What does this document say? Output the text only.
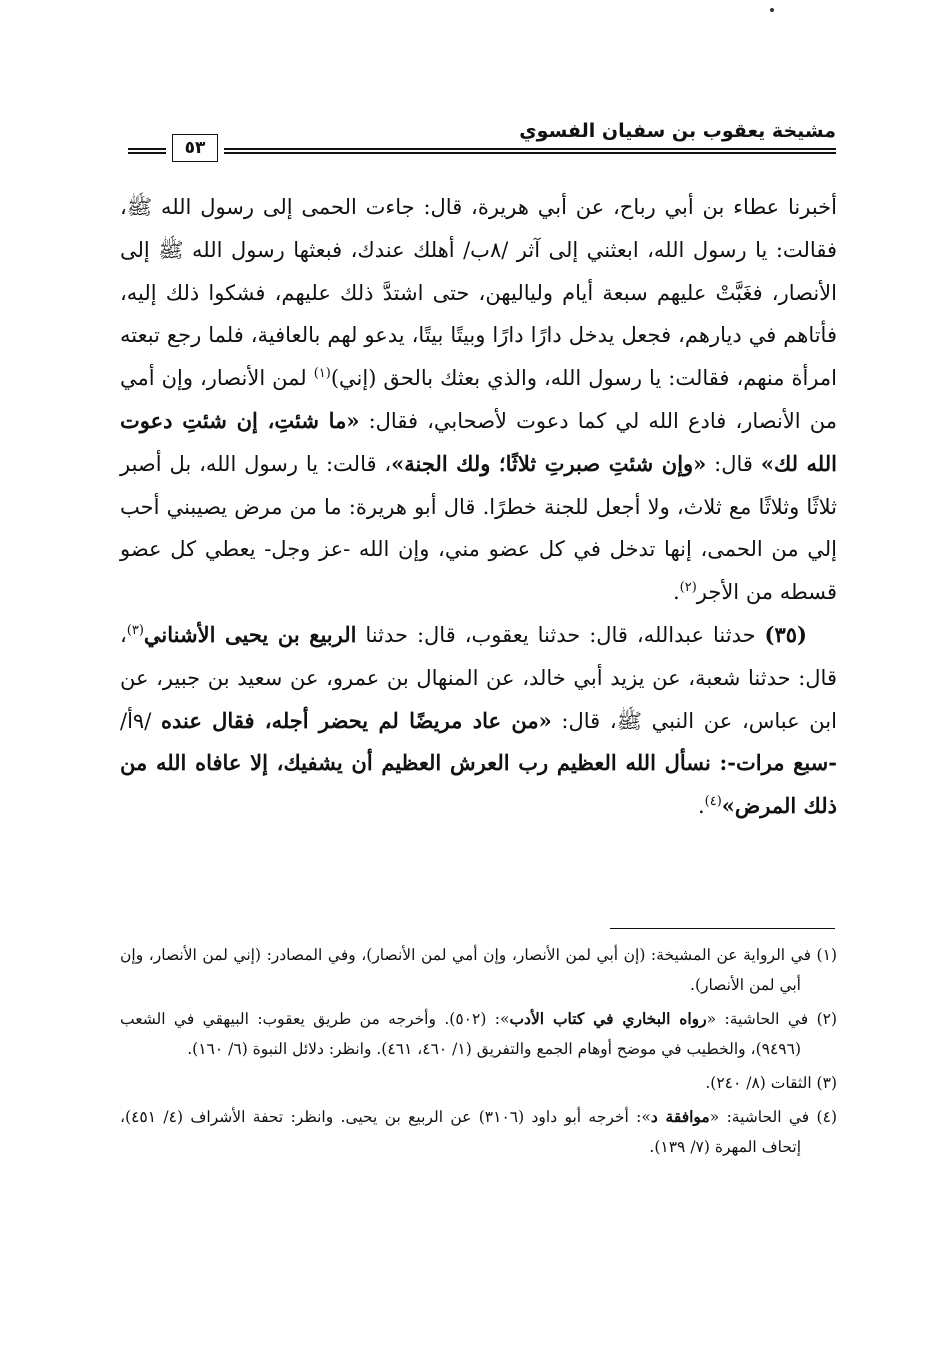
مشيخة يعقوب بن سفيان الفسوي
٥٣

أخبرنا عطاء بن أبي رباح، عن أبي هريرة، قال: جاءت الحمى إلى رسول الله ﷺ، فقالت: يا رسول الله، ابعثني إلى آثر /٨ب/ أهلك عندك، فبعثها رسول الله ﷺ إلى الأنصار، فغَبَّتْ عليهم سبعة أيام ولياليهن، حتى اشتدَّ ذلك عليهم، فشكوا ذلك إليه، فأتاهم في ديارهم، فجعل يدخل دارًا دارًا وبيتًا بيتًا، يدعو لهم بالعافية، فلما رجع تبعته امرأة منهم، فقالت: يا رسول الله، والذي بعثك بالحق (إني)$^{(١)}$ لمن الأنصار، وإن أمي من الأنصار، فادع الله لي كما دعوت لأصحابي، فقال: «ما شئتِ، إن شئتِ دعوت الله لك» قال: «وإن شئتِ صبرتِ ثلاثًا؛ ولك الجنة»، قالت: يا رسول الله، بل أصبر ثلاثًا وثلاثًا مع ثلاث، ولا أجعل للجنة خطرًا. قال أبو هريرة: ما من مرض يصيبني أحب إلي من الحمى، إنها تدخل في كل عضو مني، وإن الله -عز وجل- يعطي كل عضو قسطه من الأجر$^{(٢)}$.

(٣٥) حدثنا عبدالله، قال: حدثنا يعقوب، قال: حدثنا الربيع بن يحيى الأشناني$^{(٣)}$، قال: حدثنا شعبة، عن يزيد أبي خالد، عن المنهال بن عمرو، عن سعيد بن جبير، عن ابن عباس، عن النبي ﷺ، قال: «من عاد مريضًا لم يحضر أجله، فقال عنده /٩أ/ -سبع مرات-: نسأل الله العظيم رب العرش العظيم أن يشفيك، إلا عافاه الله من ذلك المرض»$^{(٤)}$.

(١) في الرواية عن المشيخة: (إن أبي لمن الأنصار، وإن أمي لمن الأنصار)، وفي المصادر: (إني لمن الأنصار، وإن أبي لمن الأنصار).

(٢) في الحاشية: «رواه البخاري في كتاب الأدب»: (٥٠٢). وأخرجه من طريق يعقوب: البيهقي في الشعب (٩٤٩٦)، والخطيب في موضح أوهام الجمع والتفريق (١/ ٤٦٠، ٤٦١). وانظر: دلائل النبوة (٦/ ١٦٠).

(٣) الثقات (٨/ ٢٤٠).

(٤) في الحاشية: «موافقة د»: أخرجه أبو داود (٣١٠٦) عن الربيع بن يحيى. وانظر: تحفة الأشراف (٤/ ٤٥١)، إتحاف المهرة (٧/ ١٣٩).
